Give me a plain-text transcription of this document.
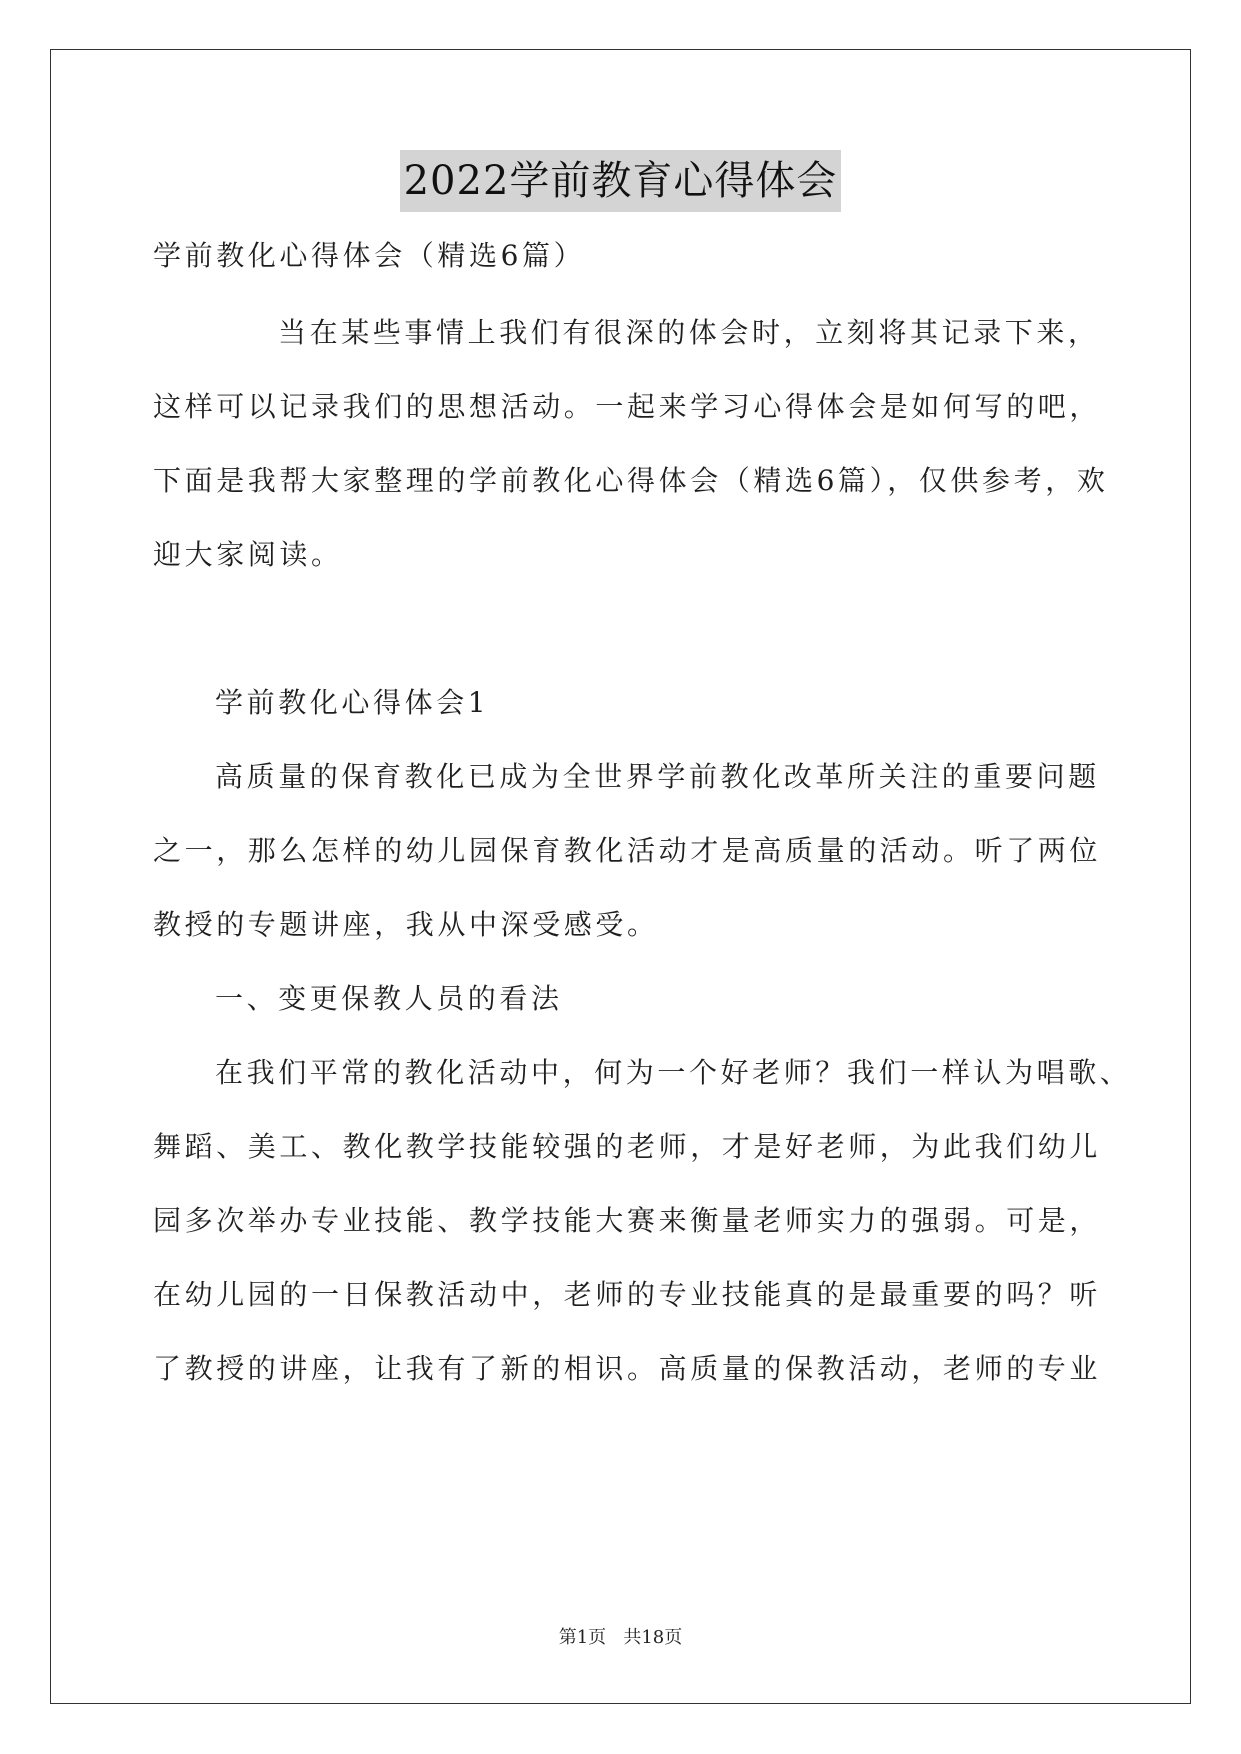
2022学前教育心得体会
学前教化心得体会（精选6篇）
当在某些事情上我们有很深的体会时，立刻将其记录下来，
这样可以记录我们的思想活动。一起来学习心得体会是如何写的吧，
下面是我帮大家整理的学前教化心得体会（精选6篇），仅供参考，欢
迎大家阅读。
学前教化心得体会1
高质量的保育教化已成为全世界学前教化改革所关注的重要问题
之一，那么怎样的幼儿园保育教化活动才是高质量的活动。听了两位
教授的专题讲座，我从中深受感受。
一、变更保教人员的看法
在我们平常的教化活动中，何为一个好老师？我们一样认为唱歌、
舞蹈、美工、教化教学技能较强的老师，才是好老师，为此我们幼儿
园多次举办专业技能、教学技能大赛来衡量老师实力的强弱。可是，
在幼儿园的一日保教活动中，老师的专业技能真的是最重要的吗？听
了教授的讲座，让我有了新的相识。高质量的保教活动，老师的专业
第1页   共18页
